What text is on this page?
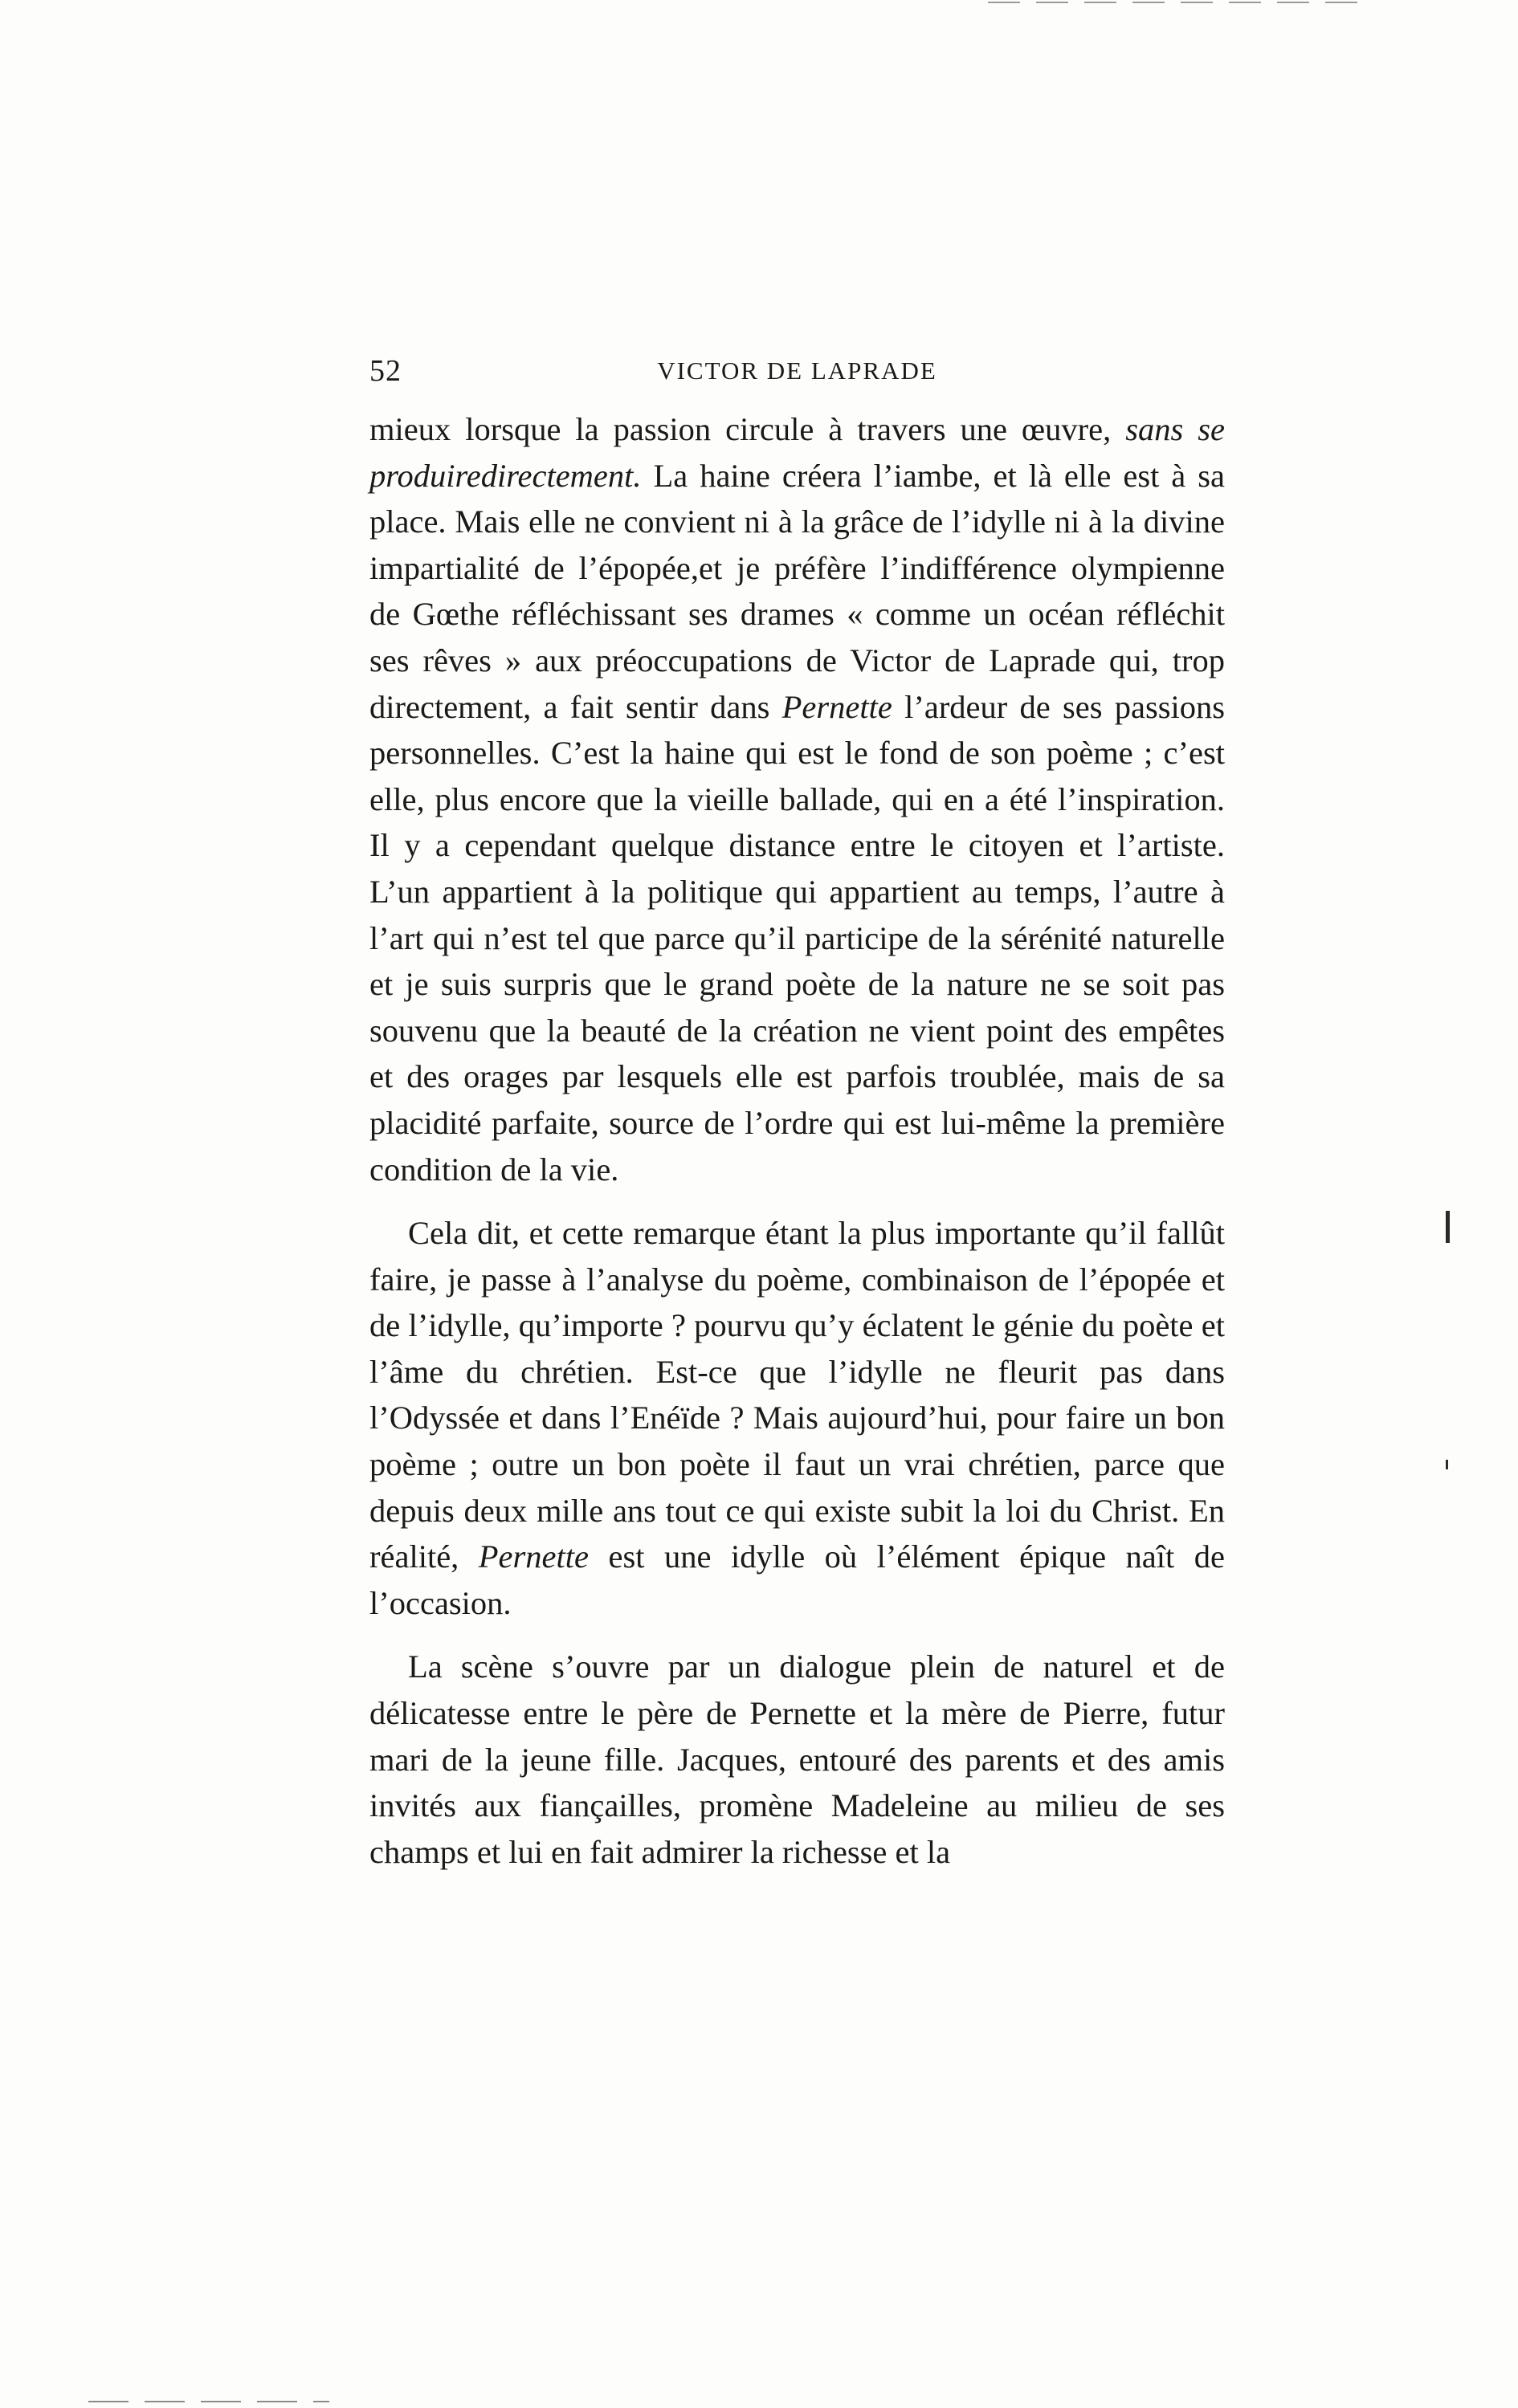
52	VICTOR DE LAPRADE

mieux lorsque la passion circule à travers une œuvre, sans se produiredirectement. La haine créera l’iambe, et là elle est à sa place. Mais elle ne convient ni à la grâce de l’idylle ni à la divine impartialité de l’épopée,et je préfère l’indifférence olympienne de Gœthe réfléchissant ses drames « comme un océan réfléchit ses rêves » aux préoccupations de Victor de Laprade qui, trop directement, a fait sentir dans Pernette l’ardeur de ses passions personnelles. C’est la haine qui est le fond de son poème ; c’est elle, plus encore que la vieille ballade, qui en a été l’inspiration. Il y a cependant quelque distance entre le citoyen et l’artiste. L’un appartient à la politique qui appartient au temps, l’autre à l’art qui n’est tel que parce qu’il participe de la sérénité naturelle et je suis surpris que le grand poète de la nature ne se soit pas souvenu que la beauté de la création ne vient point des empêtes et des orages par lesquels elle est parfois troublée, mais de sa placidité parfaite, source de l’ordre qui est lui-même la première condition de la vie.

Cela dit, et cette remarque étant la plus importante qu’il fallût faire, je passe à l’analyse du poème, combinaison de l’épopée et de l’idylle, qu’importe ? pourvu qu’y éclatent le génie du poète et l’âme du chrétien. Est-ce que l’idylle ne fleurit pas dans l’Odyssée et dans l’Enéïde ? Mais aujourd’hui, pour faire un bon poème ; outre un bon poète il faut un vrai chrétien, parce que depuis deux mille ans tout ce qui existe subit la loi du Christ. En réalité, Pernette est une idylle où l’élément épique naît de l’occasion.

La scène s’ouvre par un dialogue plein de naturel et de délicatesse entre le père de Pernette et la mère de Pierre, futur mari de la jeune fille. Jacques, entouré des parents et des amis invités aux fiançailles, promène Madeleine au milieu de ses champs et lui en fait admirer la richesse et la
